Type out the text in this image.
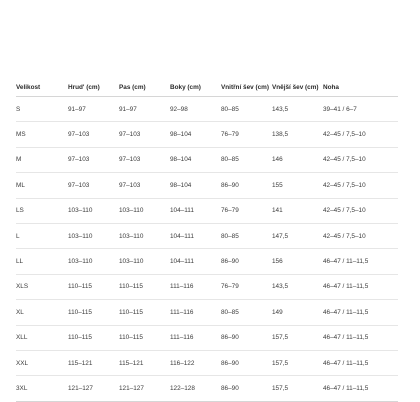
Velikost	Hrud' (cm)	Pas (cm)	Boky (cm)	Vnitřní šev (cm)	Vnější šev (cm)	Noha
S	91–97	91–97	92–98	80–85	143,5	39–41 / 6–7
MS	97–103	97–103	98–104	76–79	138,5	42–45 / 7,5–10
M	97–103	97–103	98–104	80–85	146	42–45 / 7,5–10
ML	97–103	97–103	98–104	86–90	155	42–45 / 7,5–10
LS	103–110	103–110	104–111	76–79	141	42–45 / 7,5–10
L	103–110	103–110	104–111	80–85	147,5	42–45 / 7,5–10
LL	103–110	103–110	104–111	86–90	156	46–47 / 11–11,5
XLS	110–115	110–115	111–116	76–79	143,5	46–47 / 11–11,5
XL	110–115	110–115	111–116	80–85	149	46–47 / 11–11,5
XLL	110–115	110–115	111–116	86–90	157,5	46–47 / 11–11,5
XXL	115–121	115–121	116–122	86–90	157,5	46–47 / 11–11,5
3XL	121–127	121–127	122–128	86–90	157,5	46–47 / 11–11,5
